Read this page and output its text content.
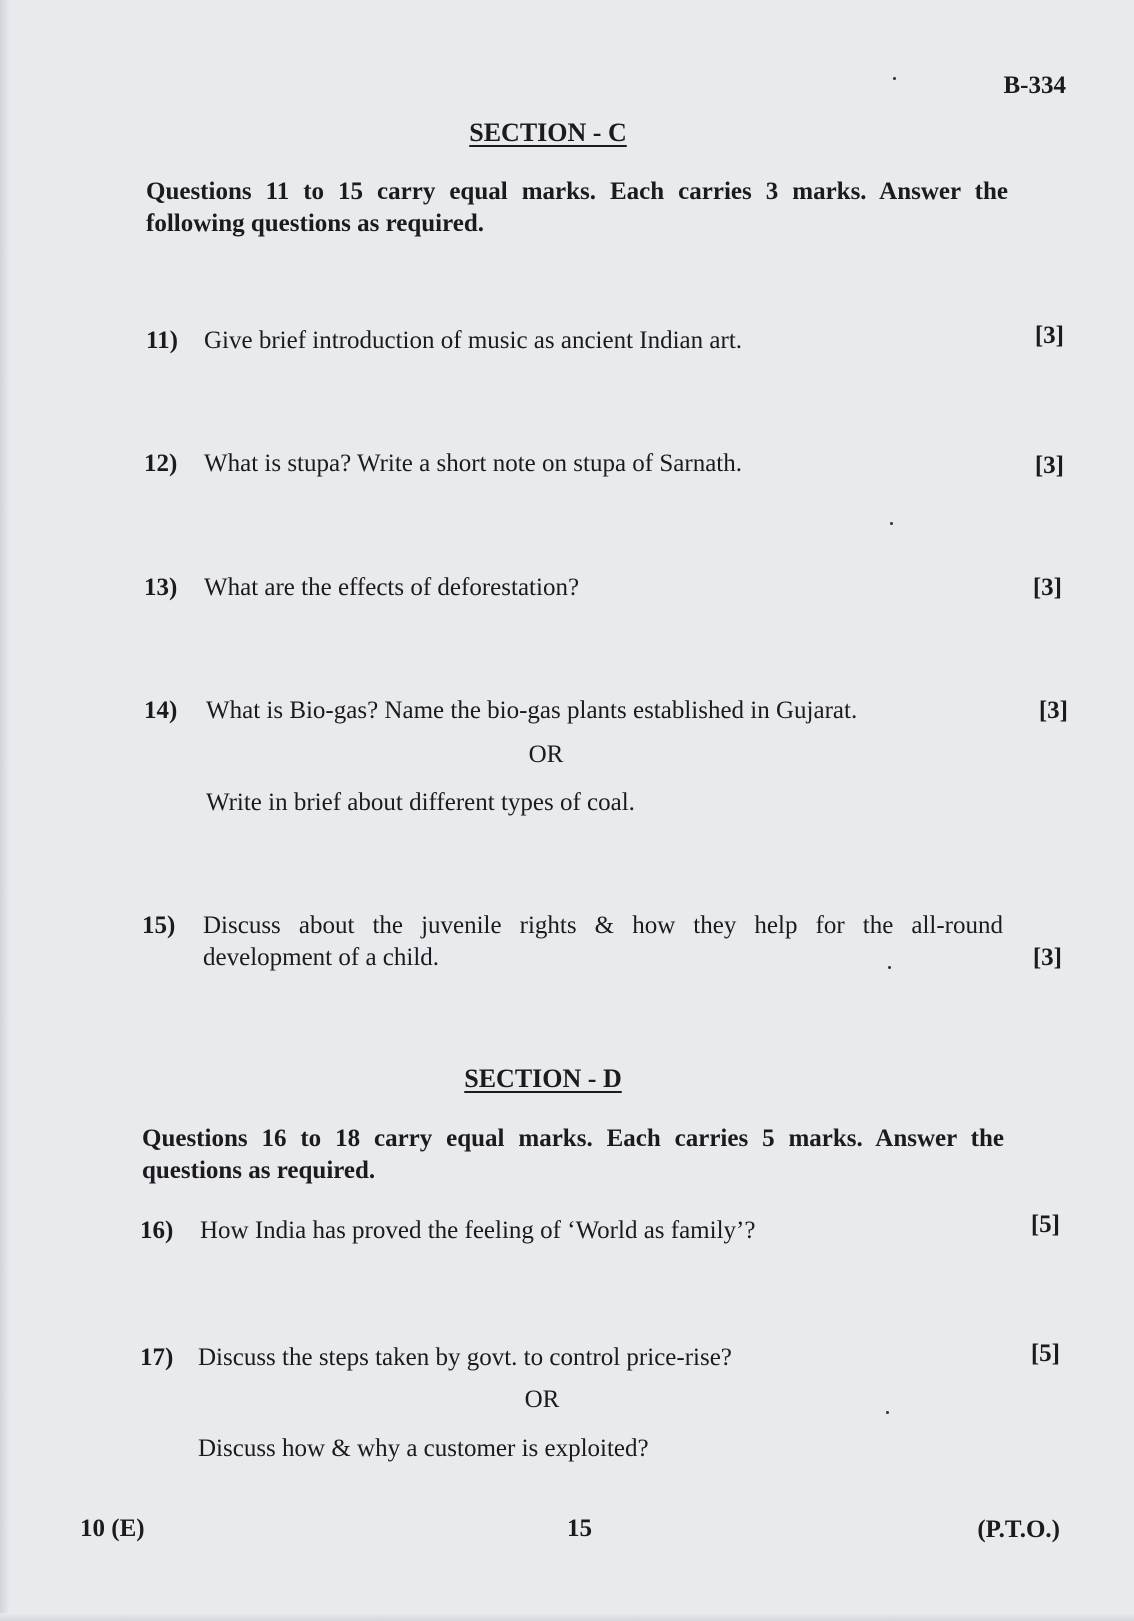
B-334
SECTION - C
Questions 11 to 15 carry equal marks. Each carries 3 marks. Answer the following questions as required.
11) Give brief introduction of music as ancient Indian art.	[3]
12) What is stupa? Write a short note on stupa of Sarnath.	[3]
13) What are the effects of deforestation?	[3]
14) What is Bio-gas? Name the bio-gas plants established in Gujarat.	[3]
OR
Write in brief about different types of coal.
15) Discuss about the juvenile rights & how they help for the all-round
development of a child.	[3]
SECTION - D
Questions 16 to 18 carry equal marks. Each carries 5 marks. Answer the questions as required.
16) How India has proved the feeling of ‘World as family’?	[5]
17) Discuss the steps taken by govt. to control price-rise?	[5]
OR
Discuss how & why a customer is exploited?
10 (E)	15	(P.T.O.)
